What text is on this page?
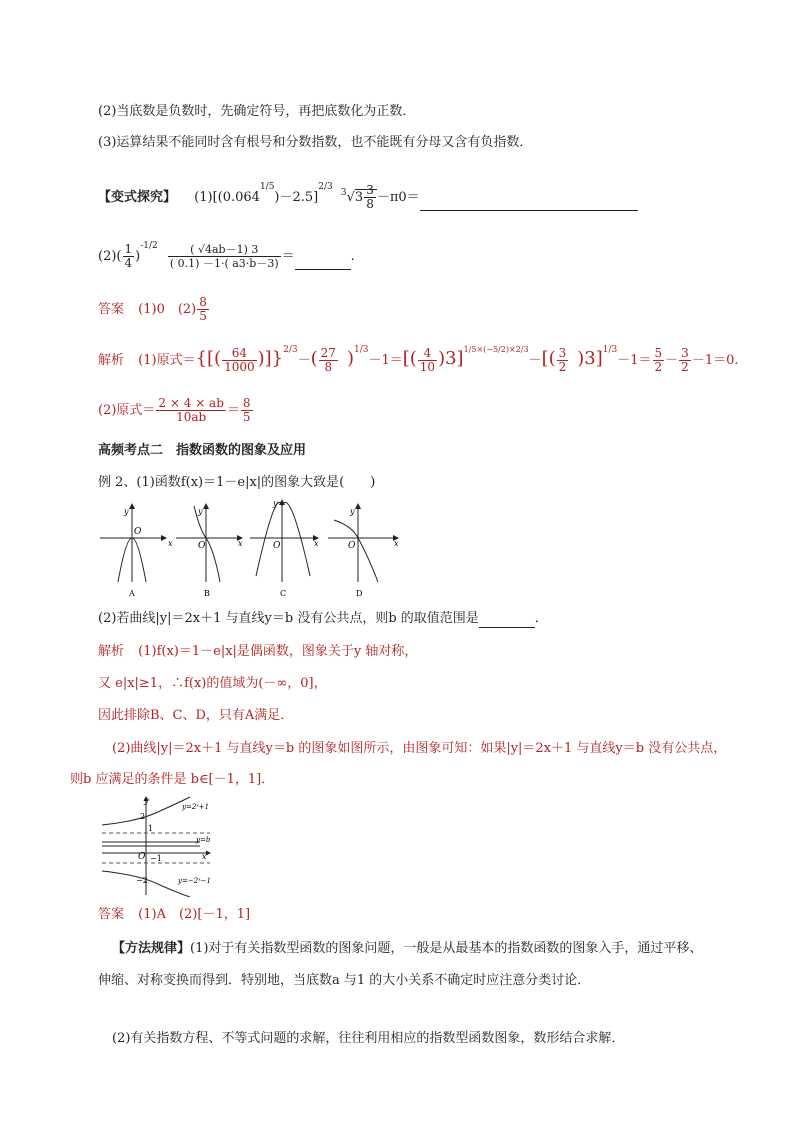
(2)当底数是负数时，先确定符号，再把底数化为正数．
(3)运算结果不能同时含有根号和分数指数，也不能既有分母又含有负指数．
【变式探究】 $(1)[(0.064^{1/5})-2.5]^{2/3}$ $^3√3 \frac{3}{8} -\pi 0=$
$(2)( \frac{1}{4} )^{-1/2} \frac{( √4ab-1) 3}{( 0.1) -1\cdot( a3\cdot b-3)}$ ＝	.
答案 (1)0　$(2) \frac{8}{5}$
解析 (1)原式＝{[( $\frac{64}{1000} )]\}^{2/3}-( \frac{27}{8} )^{1/3}-1=[( \frac{4}{10} )3]^{1/5\times(-5/2)\times 2/3}-[( \frac{3}{2} )3]^{1/3}-1= \frac{5}{2} - \frac{3}{2} -1=0$.
(2)原式＝ $\frac{2 \times 4 \times ab}{10ab} = \frac{8}{5}$
高频考点二　指数函数的图象及应用
例 2、(1)函数f(x)＝1－e|x|的图象大致是(　　)
y
O
x
A
y
O	x
B
y
O	x
C
y
O	x
D
(2)若曲线|y|＝2x＋1 与直线y＝b 没有公共点，则b 的取值范围是	．
解析 (1)f(x)＝1－e|x|是偶函数，图象关于y 轴对称，
又 e|x|≥1，∴f(x)的值域为(－∞，0]，
因此排除B、C、D，只有A满足．
(2)曲线|y|＝2x＋1 与直线y＝b 的图象如图所示，由图象可知：如果|y|＝2x＋1 与直线y＝b 没有公共点，
则b 应满足的条件是 b∈[－1，1]．
y
x
O
2
1
−1
−2
y=2ˣ+1
y=b
y=−2ˣ−1
答案 (1)A　(2)[－1，1]
【方法规律】(1)对于有关指数型函数的图象问题，一般是从最基本的指数函数的图象入手，通过平移、
伸缩、对称变换而得到．特别地，当底数a 与1 的大小关系不确定时应注意分类讨论．
(2)有关指数方程、不等式问题的求解，往往利用相应的指数型函数图象，数形结合求解．
